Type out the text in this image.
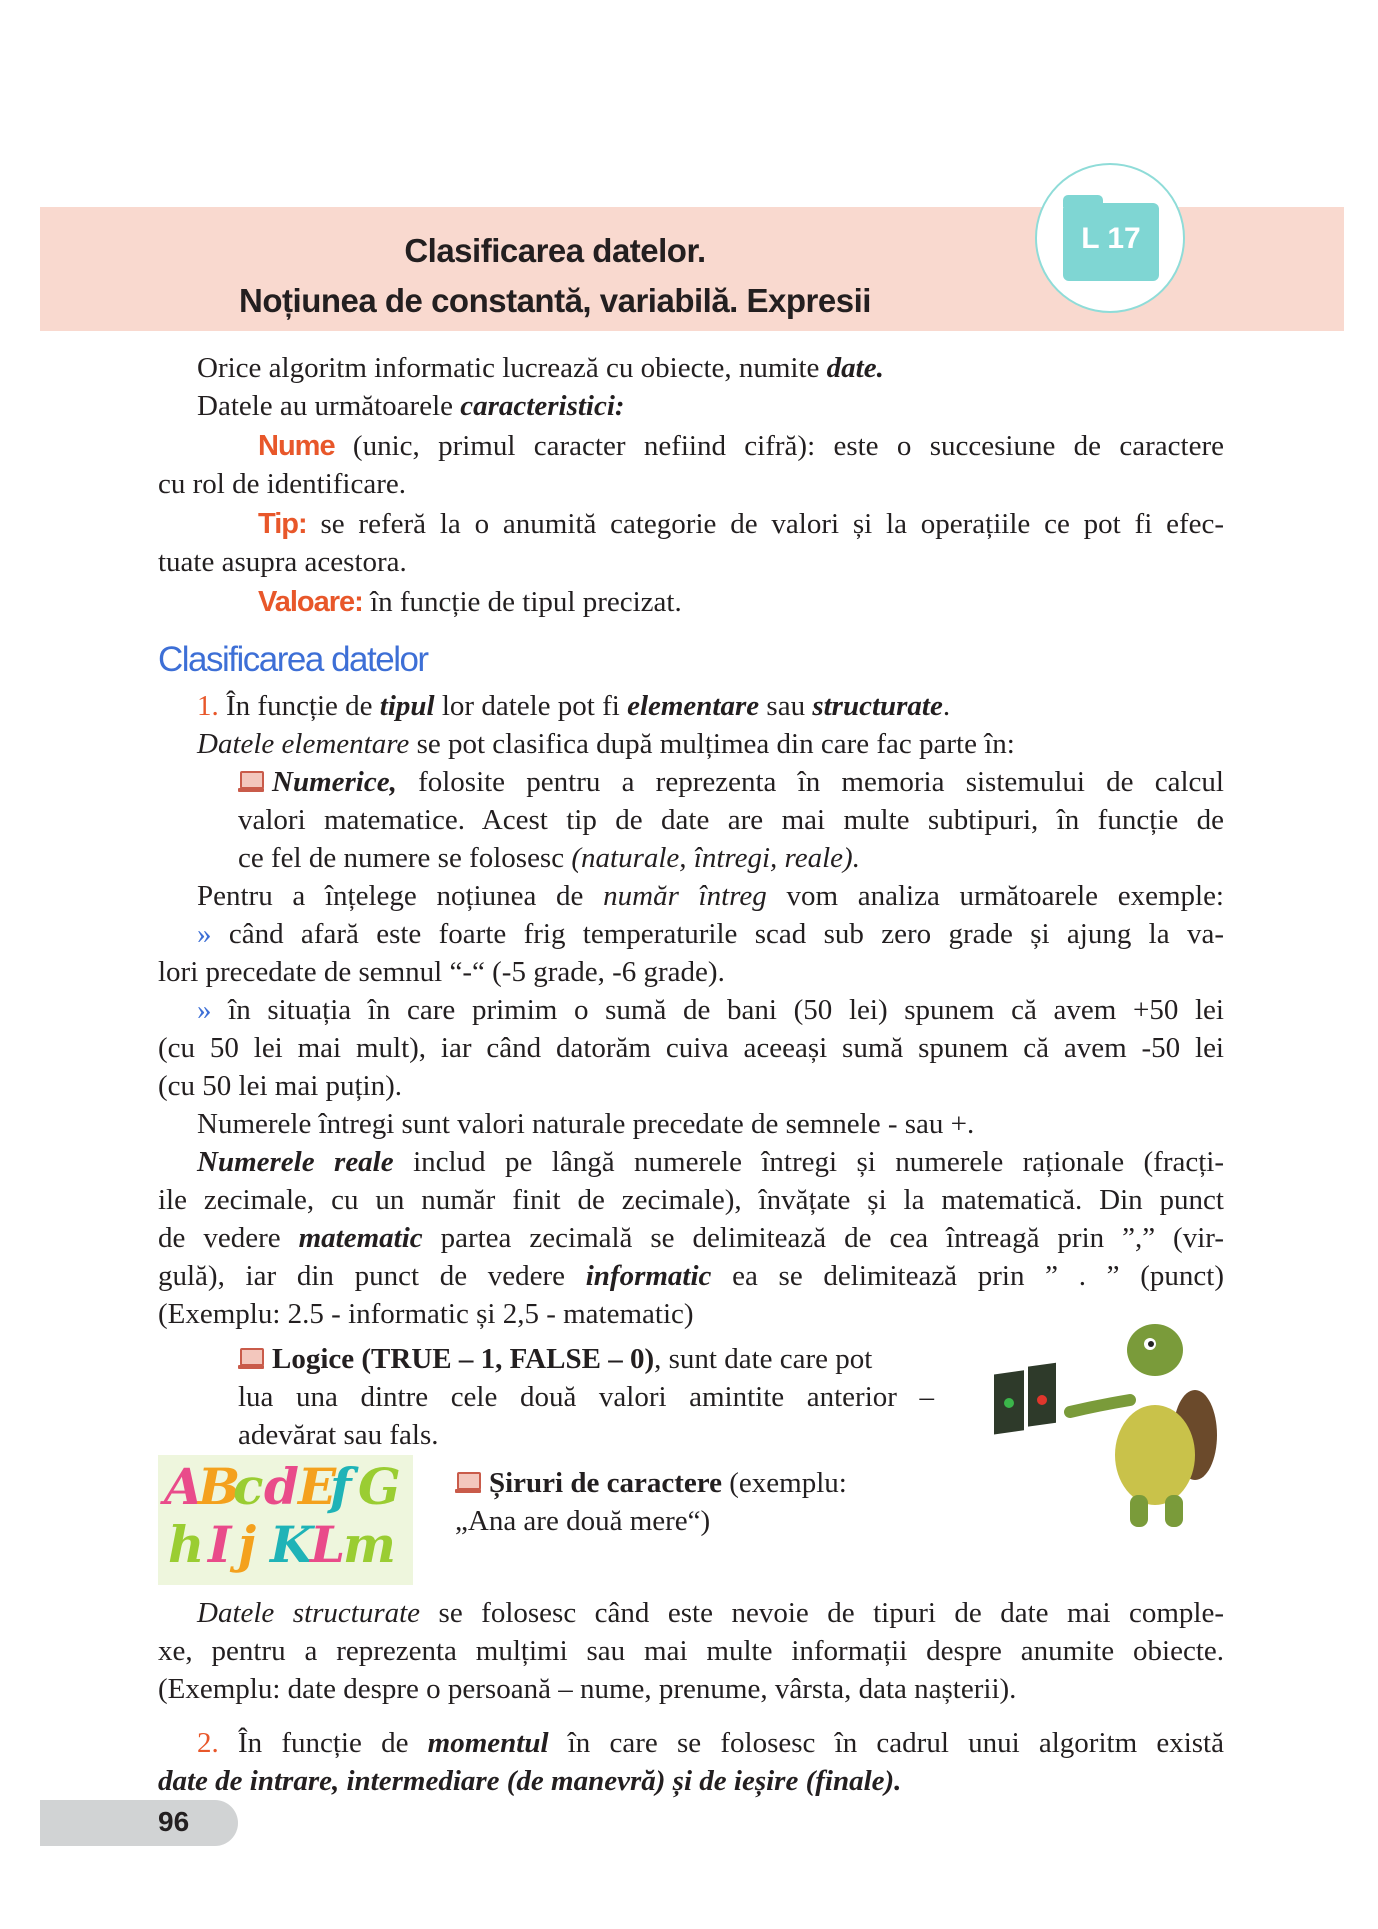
Clasificarea datelor.
Noțiunea de constantă, variabilă. Expresii
L 17
Orice algoritm informatic lucrează cu obiecte, numite date.
Datele au următoarele caracteristici:
Nume (unic, primul caracter nefiind cifră): este o succesiune de caractere
cu rol de identificare.
Tip: se referă la o anumită categorie de valori și la operațiile ce pot fi efec-
tuate asupra acestora.
Valoare: în funcție de tipul precizat.
Clasificarea datelor
1. În funcție de tipul lor datele pot fi elementare sau structurate.
Datele elementare se pot clasifica după mulțimea din care fac parte în:
Numerice, folosite pentru a reprezenta în memoria sistemului de calcul
valori matematice. Acest tip de date are mai multe subtipuri, în funcție de
ce fel de numere se folosesc (naturale, întregi, reale).
Pentru a înțelege noțiunea de număr întreg vom analiza următoarele exemple:
» când afară este foarte frig temperaturile scad sub zero grade și ajung la va-
lori precedate de semnul “-“ (-5 grade, -6 grade).
» în situația în care primim o sumă de bani (50 lei) spunem că avem +50 lei
(cu 50 lei mai mult), iar când datorăm cuiva aceeași sumă spunem că avem -50 lei
(cu 50 lei mai puțin).
Numerele întregi sunt valori naturale precedate de semnele - sau +.
Numerele reale includ pe lângă numerele întregi și numerele raționale (fracți-
ile zecimale, cu un număr finit de zecimale), învățate și la matematică. Din punct
de vedere matematic partea zecimală se delimitează de cea întreagă prin ”,” (vir-
gulă), iar din punct de vedere informatic ea se delimitează prin ” . ” (punct)
(Exemplu: 2.5 - informatic și 2,5 - matematic)
Logice (TRUE – 1, FALSE – 0), sunt date care pot
lua una dintre cele două valori amintite anterior –
adevărat sau fals.
A
B
c d E
f G
h I j K
L
m
Șiruri de caractere (exemplu:
„Ana are două mere“)
Datele structurate se folosesc când este nevoie de tipuri de date mai comple-
xe, pentru a reprezenta mulțimi sau mai multe informații despre anumite obiecte.
(Exemplu: date despre o persoană – nume, prenume, vârsta, data nașterii).
2. În funcție de momentul în care se folosesc în cadrul unui algoritm există
date de intrare, intermediare (de manevră) și de ieșire (finale).
96
